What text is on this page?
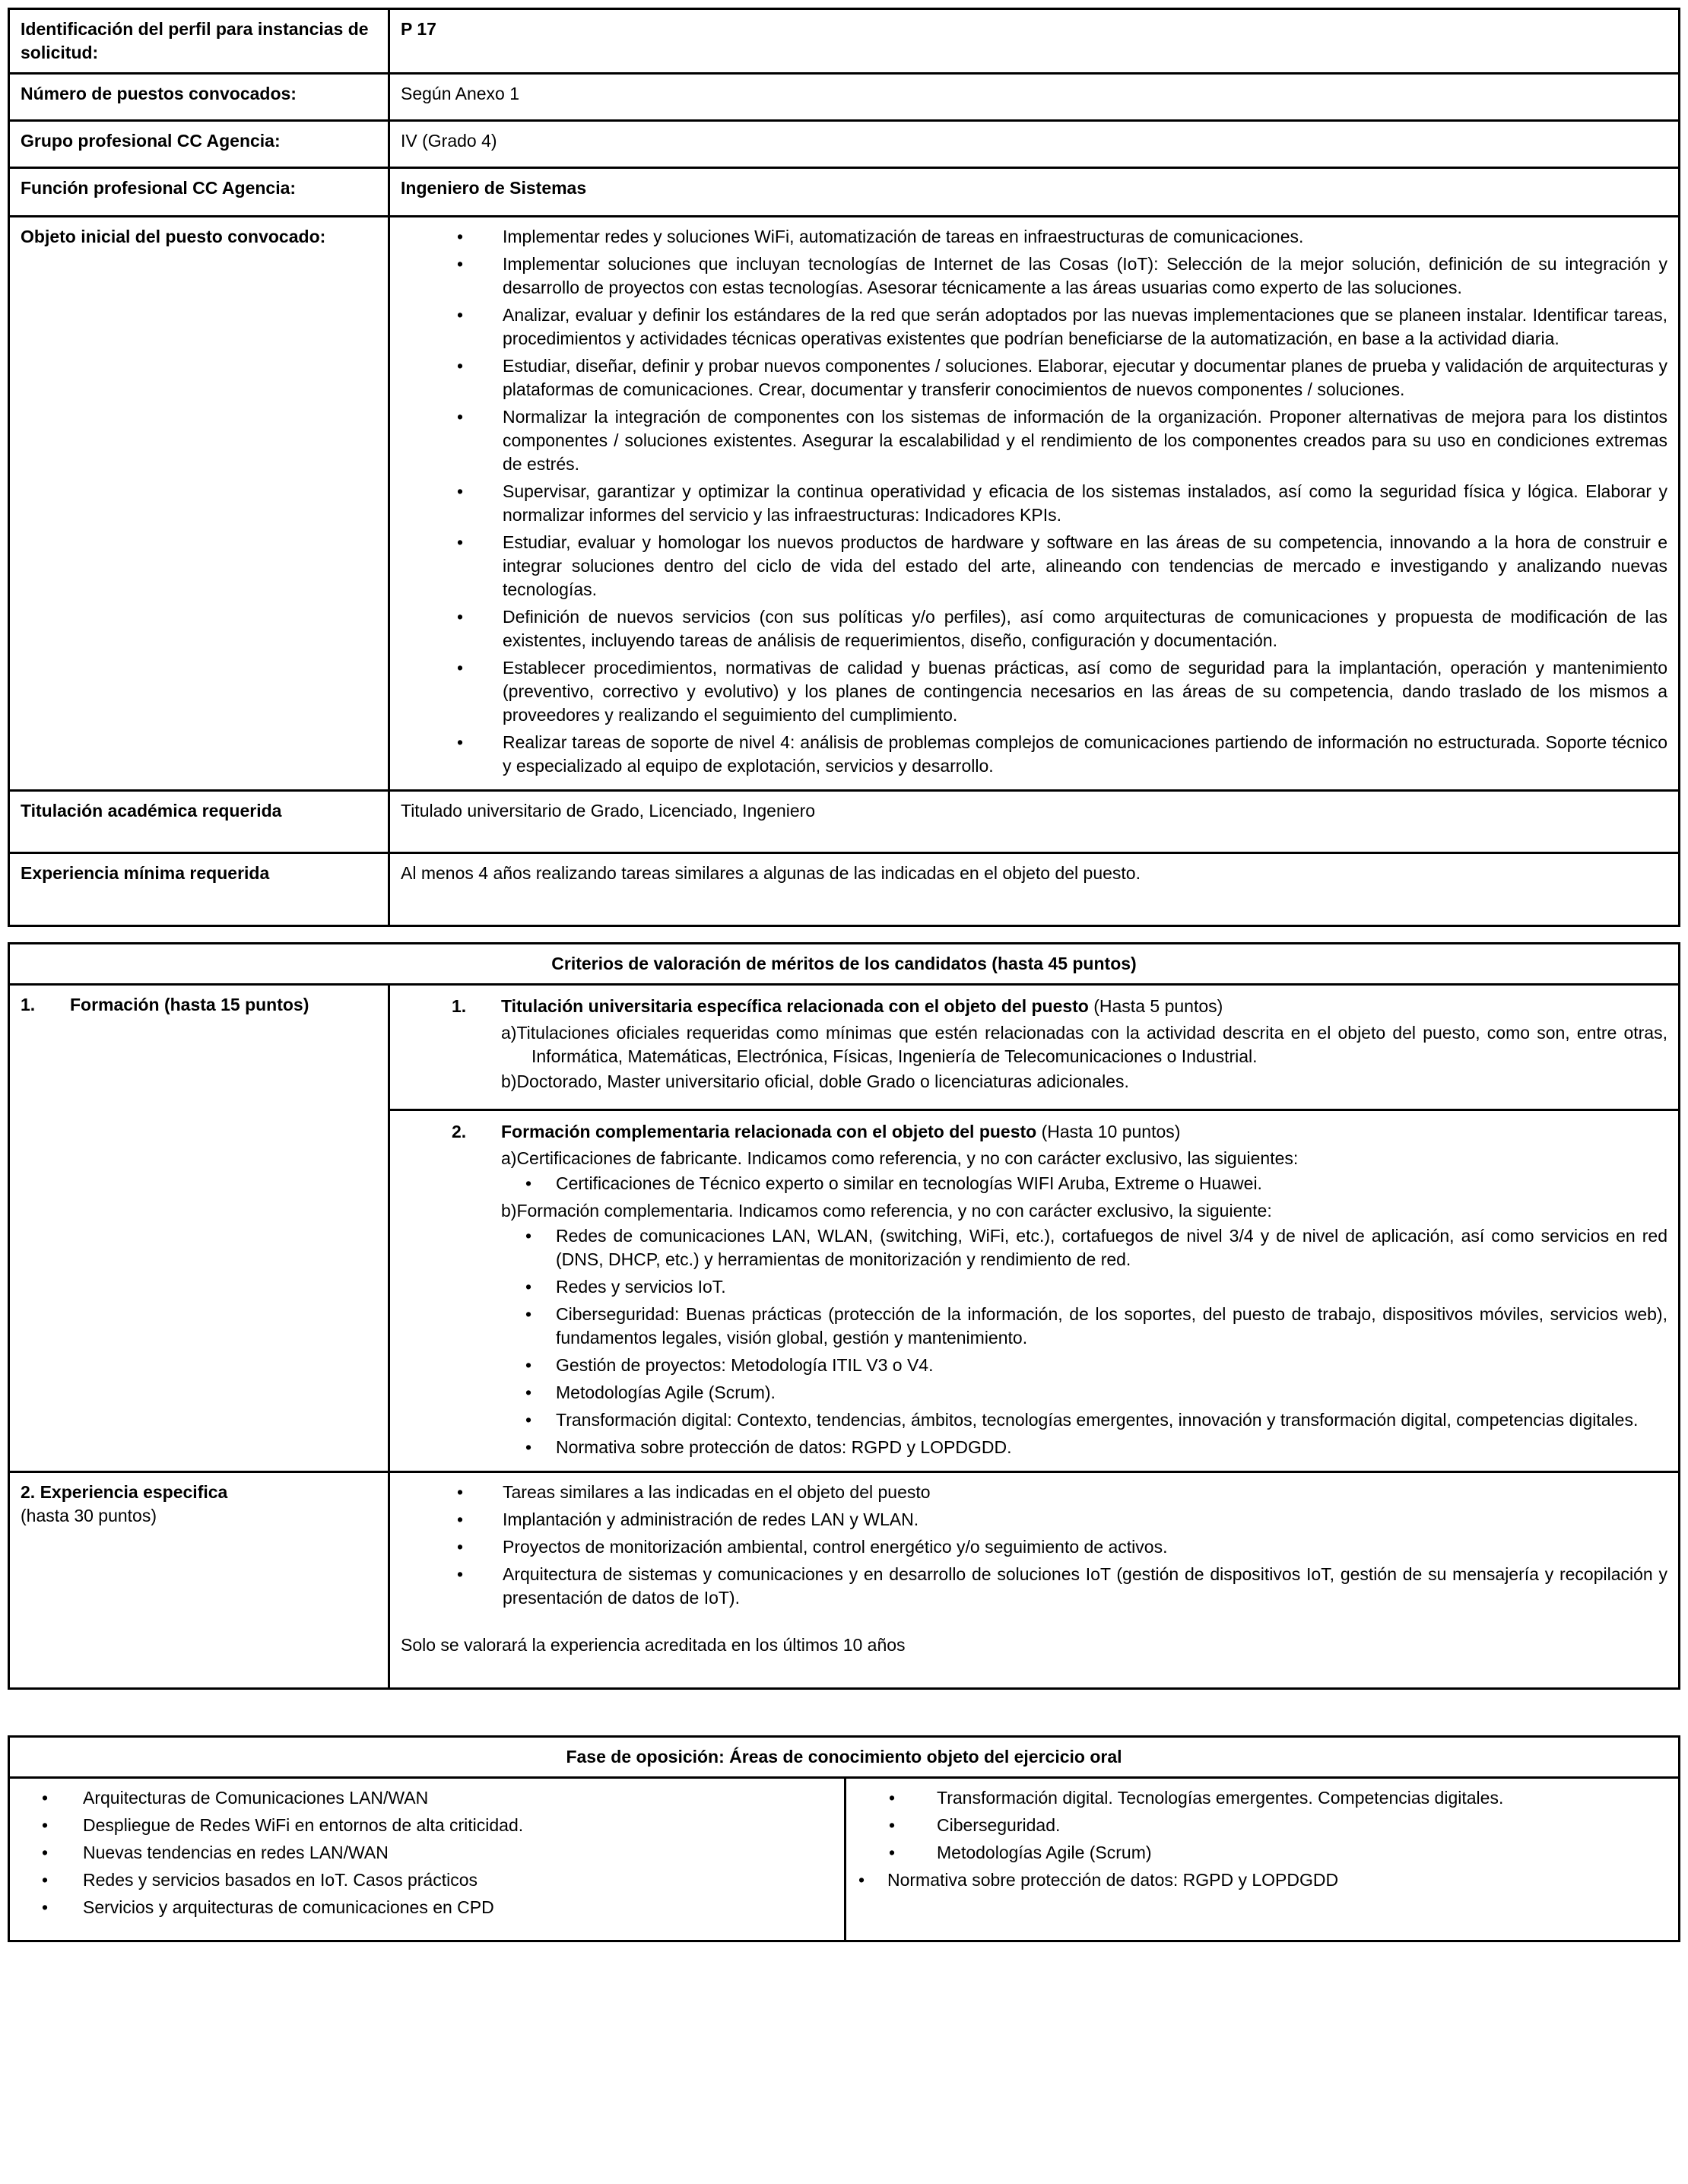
Identificación del perfil para instancias de solicitud:	P 17
Número de puestos convocados:	Según Anexo 1
Grupo profesional CC Agencia:	IV (Grado 4)
Función profesional CC Agencia:	Ingeniero de Sistemas
Objeto inicial del puesto convocado:	
•Implementar redes y soluciones WiFi, automatización de tareas en infraestructuras de comunicaciones.
• Implementar soluciones que incluyan tecnologías de Internet de las Cosas (IoT): Selección de la mejor solución, definición de su integración y desarrollo de proyectos con estas tecnologías. Asesorar técnicamente a las áreas usuarias como experto de las soluciones.
• Analizar, evaluar y definir los estándares de la red que serán adoptados por las nuevas implementaciones que se planeen instalar. Identificar tareas, procedimientos y actividades técnicas operativas existentes que podrían beneficiarse de la automatización, en base a la actividad diaria.
• Estudiar, diseñar, definir y probar nuevos componentes / soluciones. Elaborar, ejecutar y documentar planes de prueba y validación de arquitecturas y plataformas de comunicaciones. Crear, documentar y transferir conocimientos de nuevos componentes / soluciones.
• Normalizar la integración de componentes con los sistemas de información de la organización. Proponer alternativas de mejora para los distintos componentes / soluciones existentes. Asegurar la escalabilidad y el rendimiento de los componentes creados para su uso en condiciones extremas de estrés.
• Supervisar, garantizar y optimizar la continua operatividad y eficacia de los sistemas instalados, así como la seguridad física y lógica. Elaborar y normalizar informes del servicio y las infraestructuras: Indicadores KPIs.
• Estudiar, evaluar y homologar los nuevos productos de hardware y software en las áreas de su competencia, innovando a la hora de construir e integrar soluciones dentro del ciclo de vida del estado del arte, alineando con tendencias de mercado e investigando y analizando nuevas tecnologías.
• Definición de nuevos servicios (con sus políticas y/o perfiles), así como arquitecturas de comunicaciones y propuesta de modificación de las existentes, incluyendo tareas de análisis de requerimientos, diseño, configuración y documentación.
• Establecer procedimientos, normativas de calidad y buenas prácticas, así como de seguridad para la implantación, operación y mantenimiento (preventivo, correctivo y evolutivo) y los planes de contingencia necesarios en las áreas de su competencia, dando traslado de los mismos a proveedores y realizando el seguimiento del cumplimiento.
• Realizar tareas de soporte de nivel 4: análisis de problemas complejos de comunicaciones partiendo de información no estructurada. Soporte técnico y especializado al equipo de explotación, servicios y desarrollo.

Titulación académica requerida	Titulado universitario de Grado, Licenciado, Ingeniero
Experiencia mínima requerida	Al menos 4 años realizando tareas similares a algunas de las indicadas en el objeto del puesto.
Criterios de valoración de méritos de los candidatos (hasta 45 puntos)	
1. Formación (hasta 15 puntos)	1. Titulación universitaria específica relacionada con el objeto del puesto (Hasta 5 puntos)
a)Titulaciones oficiales requeridas como mínimas que estén relacionadas con la actividad descrita en el objeto del puesto, como son, entre otras, Informática, Matemáticas, Electrónica, Físicas, Ingeniería de Telecomunicaciones o Industrial.
b)Doctorado, Master universitario oficial, doble Grado o licenciaturas adicionales.

2. Formación complementaria relacionada con el objeto del puesto (Hasta 10 puntos)
a)Certificaciones de fabricante. Indicamos como referencia, y no con carácter exclusivo, las siguientes:
• Certificaciones de Técnico experto o similar en tecnologías WIFI Aruba, Extreme o Huawei.
b)Formación complementaria. Indicamos como referencia, y no con carácter exclusivo, la siguiente:
• Redes de comunicaciones LAN, WLAN, (switching, WiFi, etc.), cortafuegos de nivel 3/4 y de nivel de aplicación, así como servicios en red (DNS, DHCP, etc.) y herramientas de monitorización y rendimiento de red.
• Redes y servicios IoT.
• Ciberseguridad: Buenas prácticas (protección de la información, de los soportes, del puesto de trabajo, dispositivos móviles, servicios web), fundamentos legales, visión global, gestión y mantenimiento.
• Gestión de proyectos: Metodología ITIL V3 o V4.
• Metodologías Agile (Scrum).
• Transformación digital: Contexto, tendencias, ámbitos, tecnologías emergentes, innovación y transformación digital, competencias digitales.
• Normativa sobre protección de datos: RGPD y LOPDGDD.

2. Experiencia especifica
(hasta 30 puntos)

• Tareas similares a las indicadas en el objeto del puesto
• Implantación y administración de redes LAN y WLAN.
• Proyectos de monitorización ambiental, control energético y/o seguimiento de activos.
• Arquitectura de sistemas y comunicaciones y en desarrollo de soluciones IoT (gestión de dispositivos IoT, gestión de su mensajería y recopilación y presentación de datos de IoT).
Solo se valorará la experiencia acreditada en los últimos 10 años
Fase de oposición: Áreas de conocimiento objeto del ejercicio oral

• Arquitecturas de Comunicaciones LAN/WAN
• Despliegue de Redes WiFi en entornos de alta criticidad.
• Nuevas tendencias en redes LAN/WAN
• Redes y servicios basados en IoT. Casos prácticos
• Servicios y arquitecturas de comunicaciones en CPD

• Transformación digital. Tecnologías emergentes. Competencias digitales.
• Ciberseguridad.
• Metodologías Agile (Scrum)
• Normativa sobre protección de datos: RGPD y LOPDGDD
